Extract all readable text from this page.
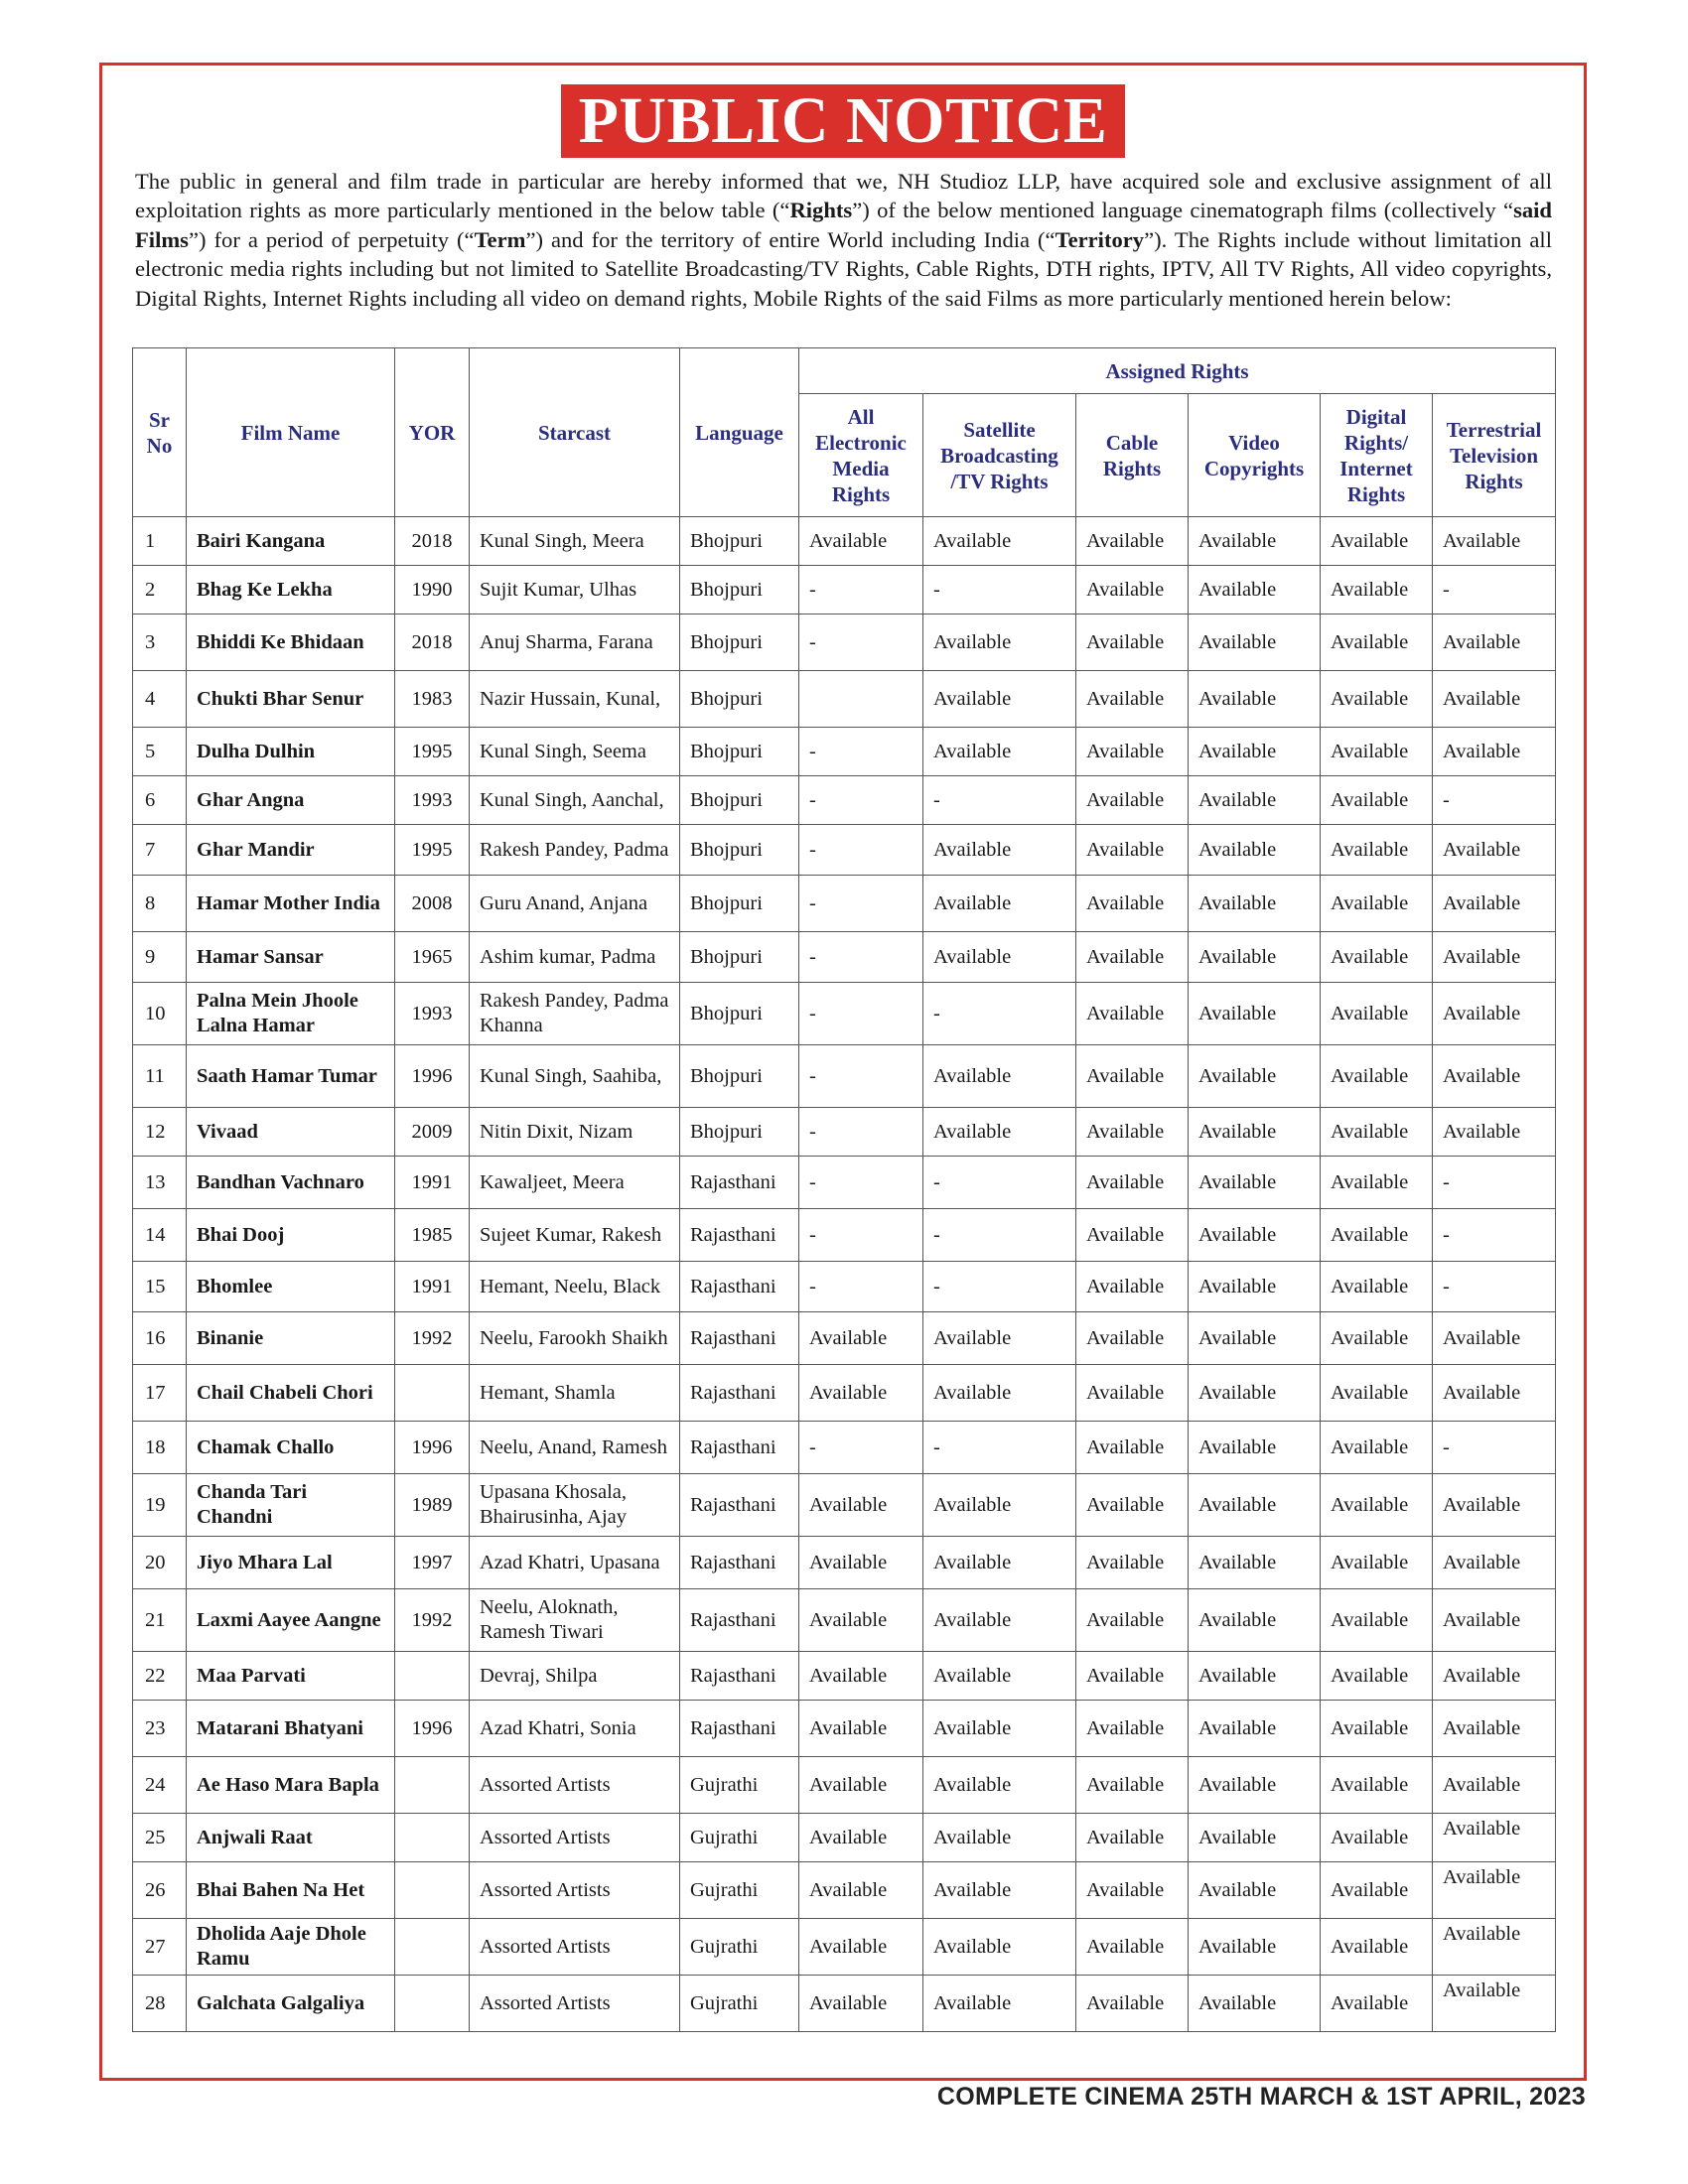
PUBLIC NOTICE

The public in general and film trade in particular are hereby informed that we, NH Studioz LLP, have acquired sole and exclusive assignment of all exploitation rights as more particularly mentioned in the below table (“Rights”) of the below mentioned language cinematograph films (collectively “said Films”) for a period of perpetuity (“Term”) and for the territory of entire World including India (“Territory”). The Rights include without limitation all electronic media rights including but not limited to Satellite Broadcasting/TV Rights, Cable Rights, DTH rights, IPTV, All TV Rights, All video copyrights, Digital Rights, Internet Rights including all video on demand rights, Mobile Rights of the said Films as more particularly mentioned herein below:

Sr No	Film Name	YOR	Starcast	Language	Assigned Rights					
					All Electronic Media Rights	Satellite Broadcasting /TV Rights	Cable Rights	Video Copyrights	Digital Rights/ Internet Rights	Terrestrial Television Rights
1	Bairi Kangana	2018	Kunal Singh, Meera	Bhojpuri	Available	Available	Available	Available	Available	Available
2	Bhag Ke Lekha	1990	Sujit Kumar, Ulhas	Bhojpuri	-	-	Available	Available	Available	-
3	Bhiddi Ke Bhidaan	2018	Anuj Sharma, Farana	Bhojpuri	-	Available	Available	Available	Available	Available
4	Chukti Bhar Senur	1983	Nazir Hussain, Kunal,	Bhojpuri		Available	Available	Available	Available	Available
5	Dulha Dulhin	1995	Kunal Singh, Seema	Bhojpuri	-	Available	Available	Available	Available	Available
6	Ghar Angna	1993	Kunal Singh, Aanchal,	Bhojpuri	-	-	Available	Available	Available	-
7	Ghar Mandir	1995	Rakesh Pandey, Padma	Bhojpuri	-	Available	Available	Available	Available	Available
8	Hamar Mother India	2008	Guru Anand, Anjana	Bhojpuri	-	Available	Available	Available	Available	Available
9	Hamar Sansar	1965	Ashim kumar, Padma	Bhojpuri	-	Available	Available	Available	Available	Available
10	Palna Mein Jhoole Lalna Hamar	1993	Rakesh Pandey, Padma Khanna	Bhojpuri	-	-	Available	Available	Available	Available
11	Saath Hamar Tumar	1996	Kunal Singh, Saahiba,	Bhojpuri	-	Available	Available	Available	Available	Available
12	Vivaad	2009	Nitin Dixit, Nizam	Bhojpuri	-	Available	Available	Available	Available	Available
13	Bandhan Vachnaro	1991	Kawaljeet, Meera	Rajasthani	-	-	Available	Available	Available	-
14	Bhai Dooj	1985	Sujeet Kumar, Rakesh	Rajasthani	-	-	Available	Available	Available	-
15	Bhomlee	1991	Hemant, Neelu, Black	Rajasthani	-	-	Available	Available	Available	-
16	Binanie	1992	Neelu, Farookh Shaikh	Rajasthani	Available	Available	Available	Available	Available	Available
17	Chail Chabeli Chori		Hemant, Shamla	Rajasthani	Available	Available	Available	Available	Available	Available
18	Chamak Challo	1996	Neelu, Anand, Ramesh	Rajasthani	-	-	Available	Available	Available	-
19	Chanda Tari Chandni	1989	Upasana Khosala, Bhairusinha, Ajay	Rajasthani	Available	Available	Available	Available	Available	Available
20	Jiyo Mhara Lal	1997	Azad Khatri, Upasana	Rajasthani	Available	Available	Available	Available	Available	Available
21	Laxmi Aayee Aangne	1992	Neelu, Aloknath, Ramesh Tiwari	Rajasthani	Available	Available	Available	Available	Available	Available
22	Maa Parvati		Devraj, Shilpa	Rajasthani	Available	Available	Available	Available	Available	Available
23	Matarani Bhatyani	1996	Azad Khatri, Sonia	Rajasthani	Available	Available	Available	Available	Available	Available
24	Ae Haso Mara Bapla		Assorted Artists	Gujrathi	Available	Available	Available	Available	Available	Available
25	Anjwali Raat		Assorted Artists	Gujrathi	Available	Available	Available	Available	Available	Available
26	Bhai Bahen Na Het		Assorted Artists	Gujrathi	Available	Available	Available	Available	Available	Available
27	Dholida Aaje Dhole Ramu		Assorted Artists	Gujrathi	Available	Available	Available	Available	Available	Available
28	Galchata Galgaliya		Assorted Artists	Gujrathi	Available	Available	Available	Available	Available	Available
COMPLETE CINEMA 25TH MARCH & 1ST APRIL, 2023
